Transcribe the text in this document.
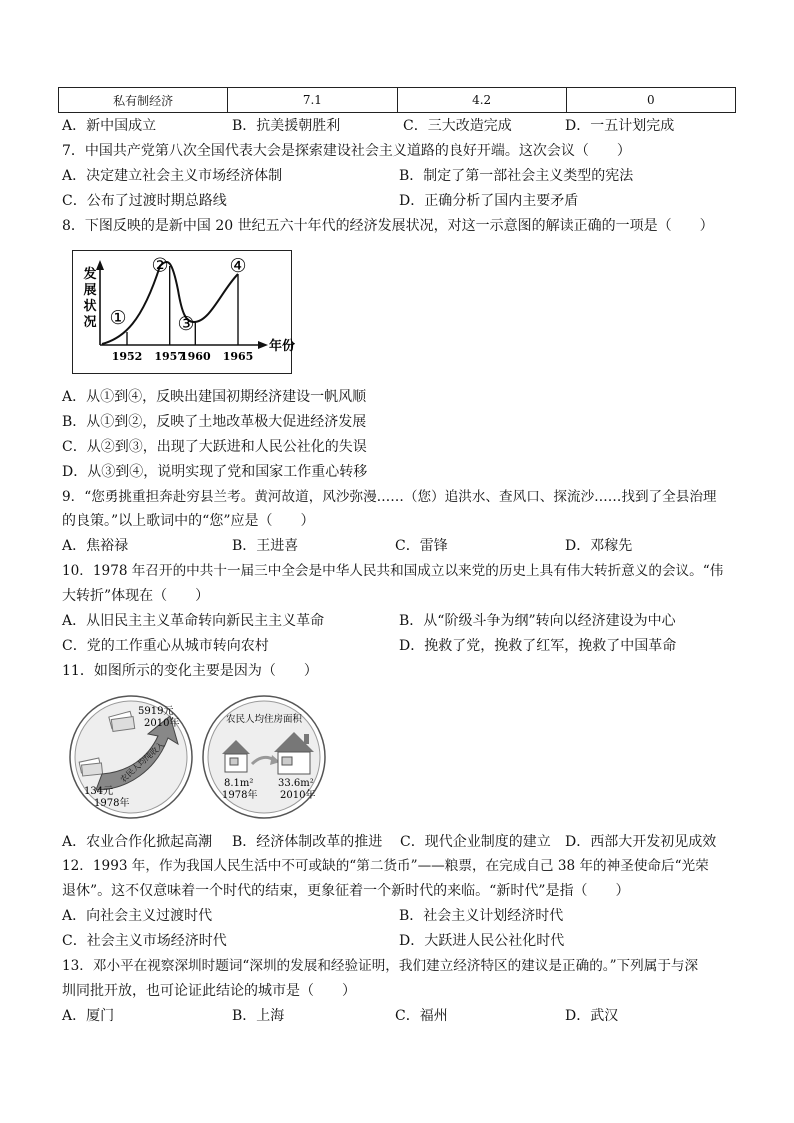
私有制经济	7.1	4.2	0
A．新中国成立	B．抗美援朝胜利	C．三大改造完成	D．一五计划完成
7．中国共产党第八次全国代表大会是探索建设社会主义道路的良好开端。这次会议（　　）
A．决定建立社会主义市场经济体制	B．制定了第一部社会主义类型的宪法
C．公布了过渡时期总路线	D．正确分析了国内主要矛盾
8．下图反映的是新中国 20 世纪五六十年代的经济发展状况，对这一示意图的解读正确的一项是（　　）
发展状况
年份
1952 1957
1960 1965
①
②
③
④
A．从①到④，反映出建国初期经济建设一帆风顺
B．从①到②，反映了土地改革极大促进经济发展
C．从②到③，出现了大跃进和人民公社化的失误
D．从③到④，说明实现了党和国家工作重心转移
9．“您勇挑重担奔赴穷县兰考。黄河故道，风沙弥漫……（您）追洪水、查风口、探流沙……找到了全县治理
的良策。”以上歌词中的“您”应是（　　）
A．焦裕禄	B．王进喜	C．雷锋	D．邓稼先
10．1978 年召开的中共十一届三中全会是中华人民共和国成立以来党的历史上具有伟大转折意义的会议。“伟
大转折”体现在（　　）
A．从旧民主主义革命转向新民主主义革命	B．从“阶级斗争为纲”转向以经济建设为中心
C．党的工作重心从城市转向农村	D．挽救了党，挽救了红军，挽救了中国革命
11．如图所示的变化主要是因为（　　）
农民人均纯收入
5919元
2010年
134元
1978年
农民人均住房面积
8.1m²
1978年
33.6m²
2010年
A．农业合作化掀起高潮 B．经济体制改革的推进 C．现代企业制度的建立 D．西部大开发初见成效
12．1993 年，作为我国人民生活中不可或缺的“第二货币”——粮票，在完成自己 38 年的神圣使命后“光荣
退休”。这不仅意味着一个时代的结束，更象征着一个新时代的来临。“新时代”是指（　　）
A．向社会主义过渡时代	B．社会主义计划经济时代
C．社会主义市场经济时代	D．大跃进人民公社化时代
13．邓小平在视察深圳时题词“深圳的发展和经验证明，我们建立经济特区的建议是正确的。”下列属于与深
圳同批开放，也可论证此结论的城市是（　　）
A．厦门	B．上海	C．福州	D．武汉
